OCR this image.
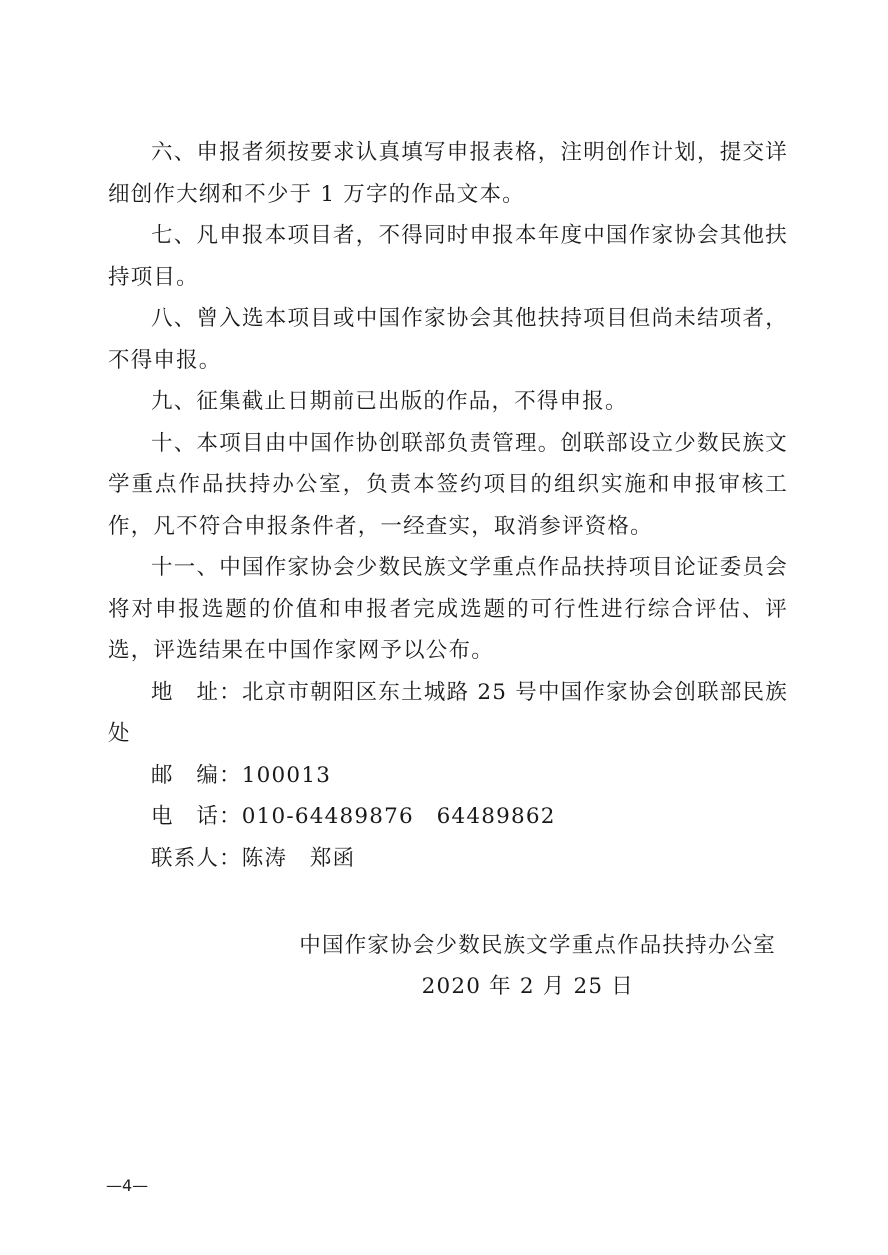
六、申报者须按要求认真填写申报表格，注明创作计划，提交详细创作大纲和不少于 1 万字的作品文本。

七、凡申报本项目者，不得同时申报本年度中国作家协会其他扶持项目。

八、曾入选本项目或中国作家协会其他扶持项目但尚未结项者，不得申报。

九、征集截止日期前已出版的作品，不得申报。

十、本项目由中国作协创联部负责管理。创联部设立少数民族文学重点作品扶持办公室，负责本签约项目的组织实施和申报审核工作，凡不符合申报条件者，一经查实，取消参评资格。

十一、中国作家协会少数民族文学重点作品扶持项目论证委员会将对申报选题的价值和申报者完成选题的可行性进行综合评估、评选，评选结果在中国作家网予以公布。

地　址：北京市朝阳区东土城路 25 号中国作家协会创联部民族处

邮　编：100013

电　话：010-64489876　64489862

联系人：陈涛　郑函

中国作家协会少数民族文学重点作品扶持办公室
2020 年 2 月 25 日
—4—
